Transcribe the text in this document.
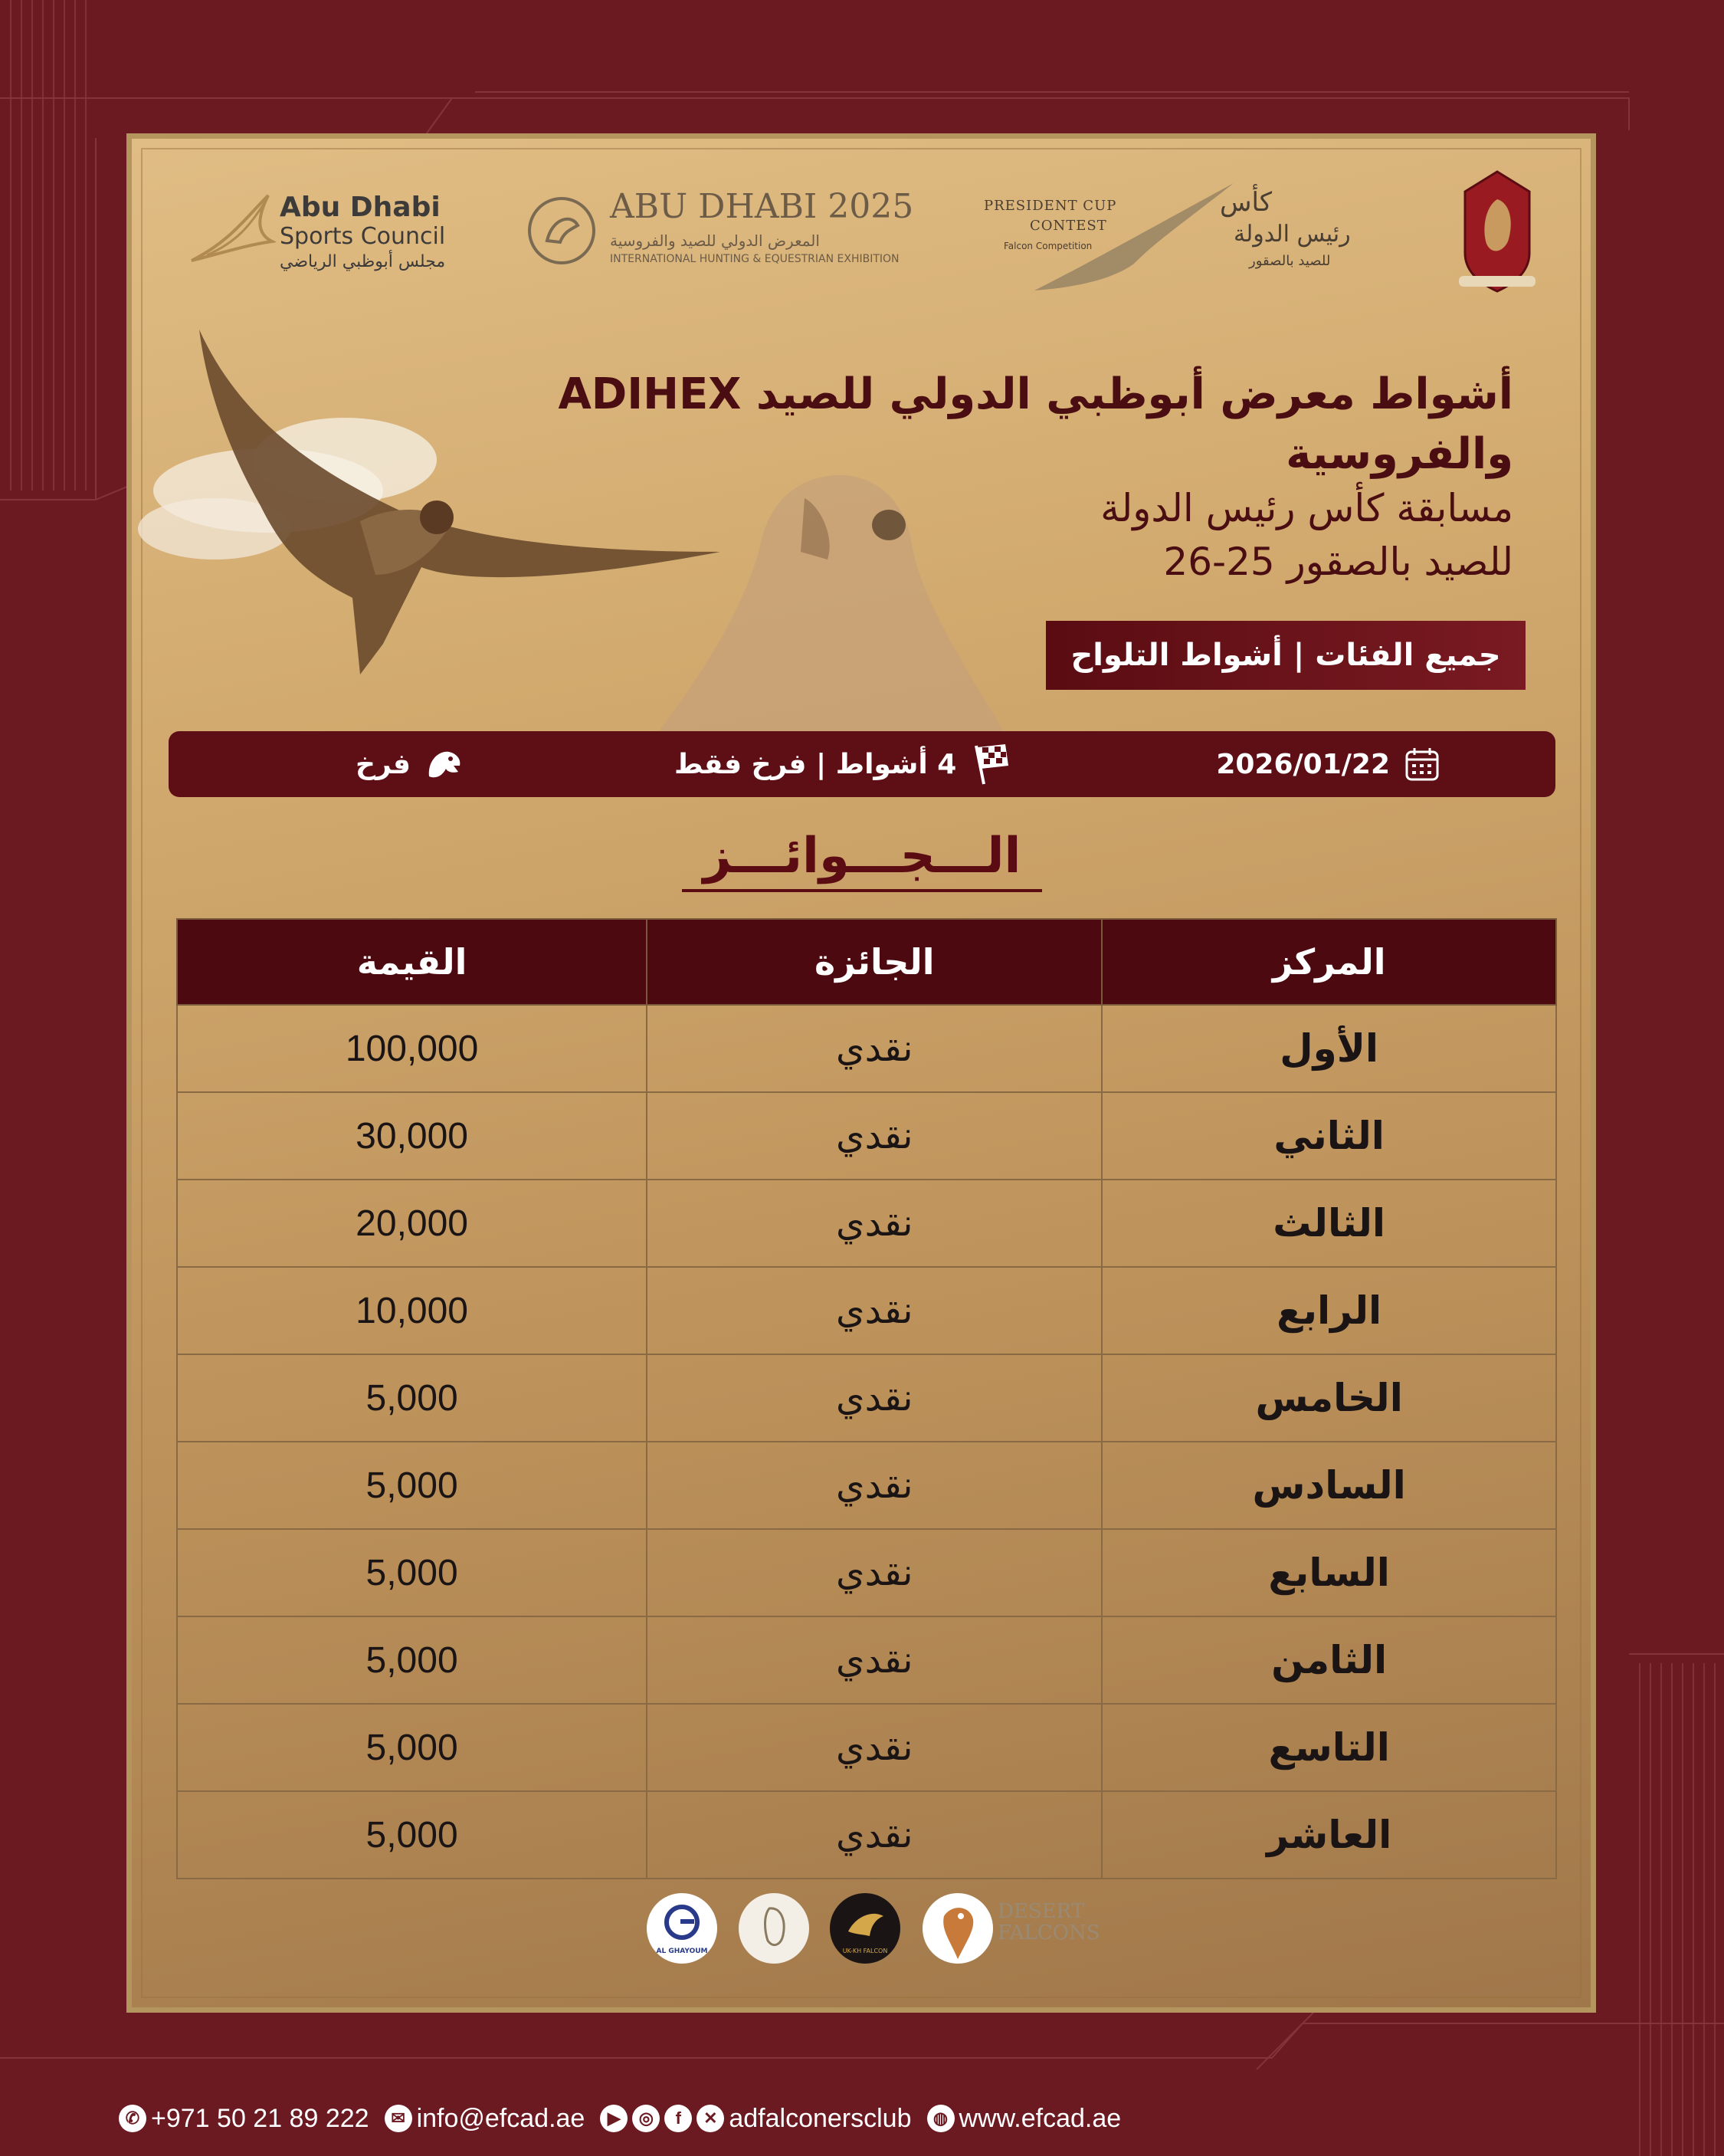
Abu Dhabi
Sports Council
مجلس أبوظبي الرياضي
ABU DHABI 2025
المعرض الدولي للصيد والفروسية
INTERNATIONAL HUNTING & EQUESTRIAN EXHIBITION
PRESIDENT CUP
CONTEST
Falcon Competition
كأس
رئيس الدولة
للصيد بالصقور
أشواط معرض أبوظبي الدولي للصيد ADIHEX
والفروسية
مسابقة كأس رئيس الدولة
للصيد بالصقور 25-26
جميع الفئات | أشواط التلواح
2026/01/22
4 أشواط | فرخ فقط
فرخ
الـــجـــوائـــز
المركز	الجائزة	القيمة
الأول	نقدي	100,000
الثاني	نقدي	30,000
الثالث	نقدي	20,000
الرابع	نقدي	10,000
الخامس	نقدي	5,000
السادس	نقدي	5,000
السابع	نقدي	5,000
الثامن	نقدي	5,000
التاسع	نقدي	5,000
العاشر	نقدي	5,000
AL GHAYOUM	UK-KH FALCON
DESERT
FALCONS
✆ +971 50 21 89 222	✉ info@efcad.ae	▶	◎	f	✕ adfalconersclub	◍ www.efcad.ae
